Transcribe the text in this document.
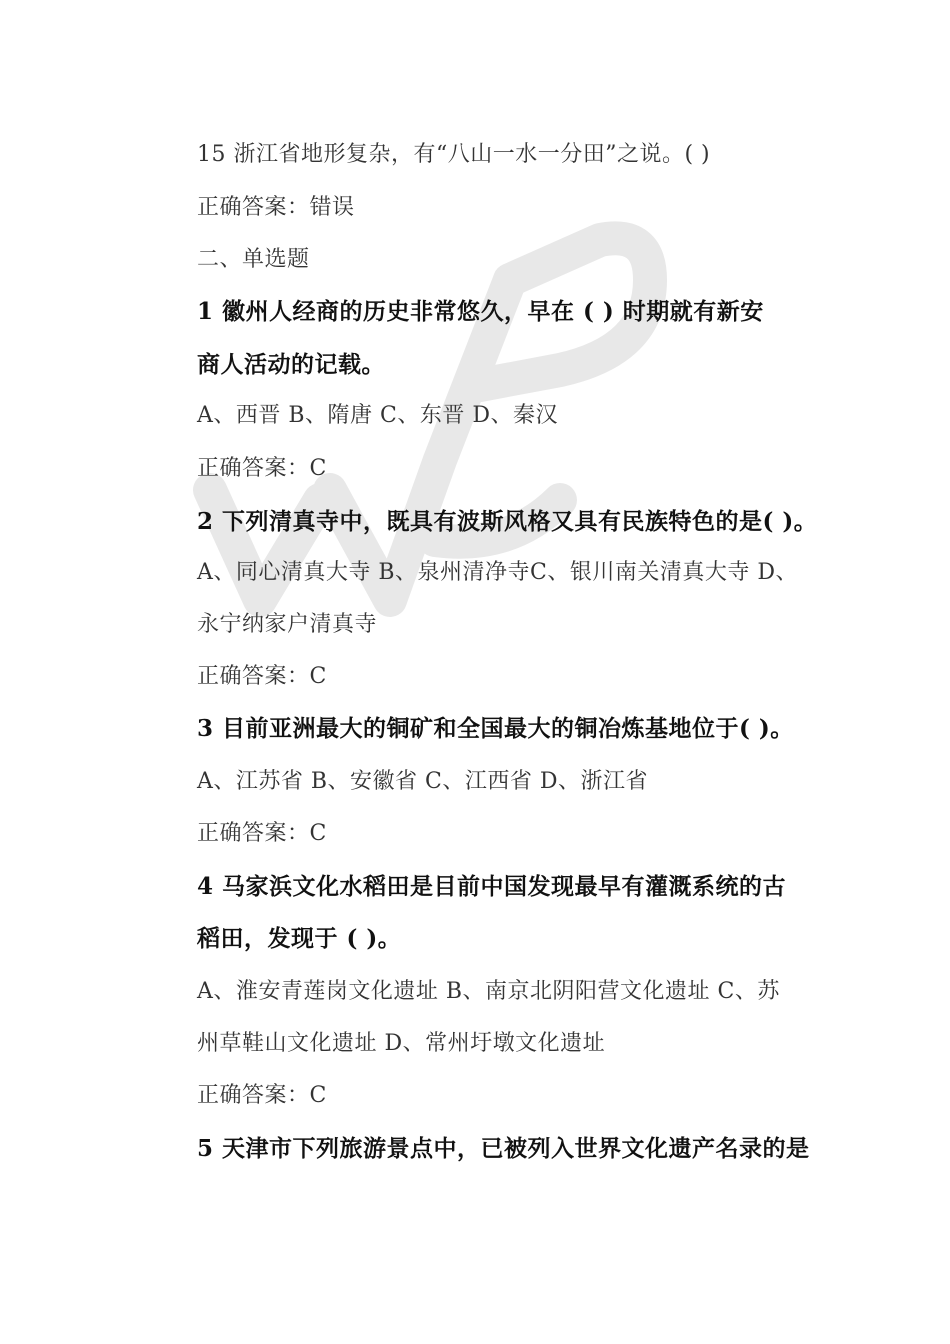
15 浙江省地形复杂，有“八山一水一分田”之说。( )
正确答案：错误
二、单选题
1 徽州人经商的历史非常悠久，早在 ( ) 时期就有新安
商人活动的记载。
A、西晋 B、隋唐 C、东晋 D、秦汉
正确答案：C
2 下列清真寺中，既具有波斯风格又具有民族特色的是( )。
A、同心清真大寺 B、泉州清净寺C、银川南关清真大寺 D、
永宁纳家户清真寺
正确答案：C
3 目前亚洲最大的铜矿和全国最大的铜冶炼基地位于( )。
A、江苏省 B、安徽省 C、江西省 D、浙江省
正确答案：C
4 马家浜文化水稻田是目前中国发现最早有灌溉系统的古
稻田，发现于 ( )。
A、淮安青莲岗文化遗址 B、南京北阴阳营文化遗址 C、苏
州草鞋山文化遗址 D、常州圩墩文化遗址
正确答案：C
5 天津市下列旅游景点中，已被列入世界文化遗产名录的是
